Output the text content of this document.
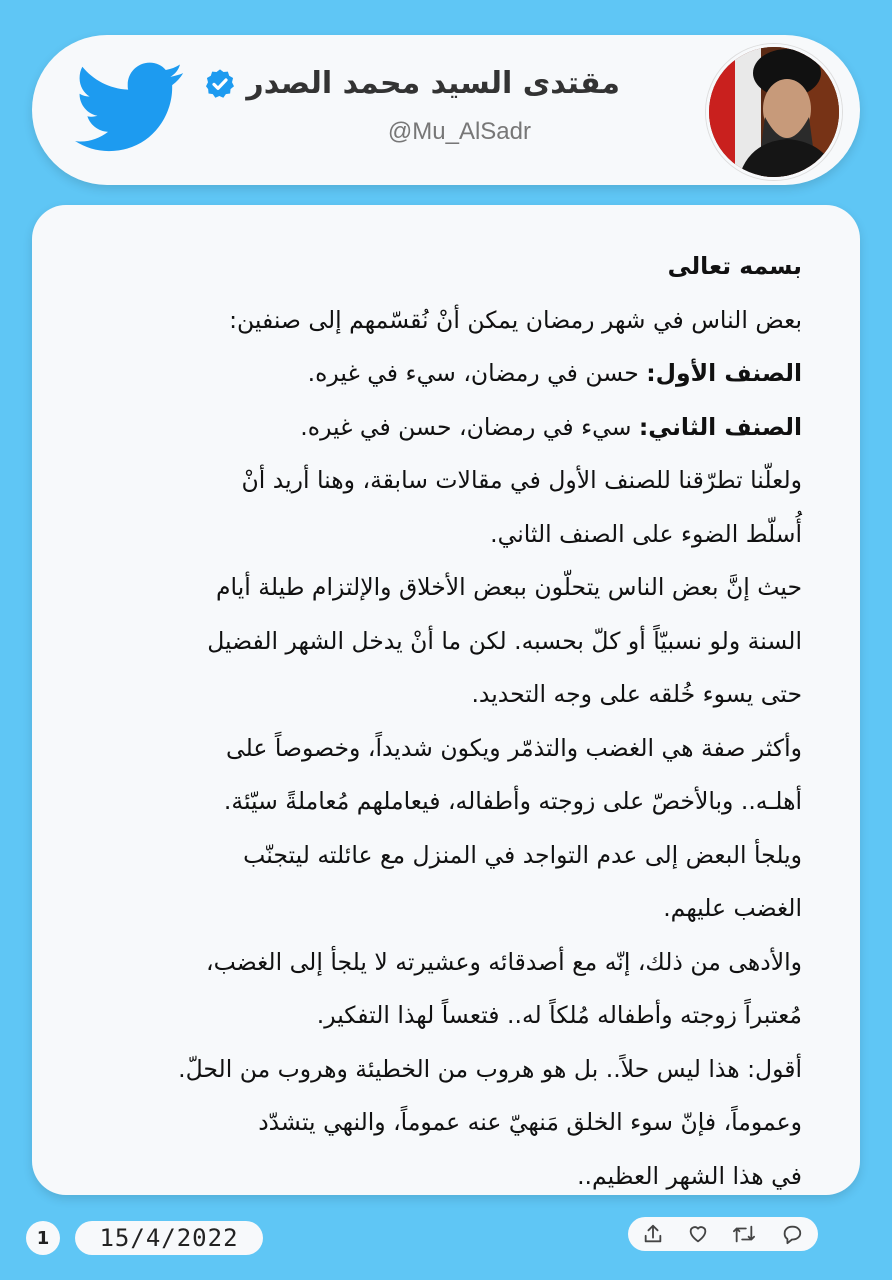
مقتدى السيد محمد الصدر
@Mu_AlSadr

بسمه تعالى

بعض الناس في شهر رمضان يمكن أنْ نُقسّمهم إلى صنفين:

الصنف الأول: حسن في رمضان، سيء في غيره.

الصنف الثاني: سيء في رمضان، حسن في غيره.

ولعلّنا تطرّقنا للصنف الأول في مقالات سابقة، وهنا أريد أنْ

أُسلّط الضوء على الصنف الثاني.

حيث إنَّ بعض الناس يتحلّون ببعض الأخلاق والإلتزام طيلة أيام

السنة ولو نسبيّاً أو كلّ بحسبه. لكن ما أنْ يدخل الشهر الفضيل

حتى يسوء خُلقه على وجه التحديد.

وأكثر صفة هي الغضب والتذمّر ويكون شديداً، وخصوصاً على

أهلـه.. وبالأخصّ على زوجته وأطفاله، فيعاملهم مُعاملةً سيّئة.

ويلجأ البعض إلى عدم التواجد في المنزل مع عائلته ليتجنّب

الغضب عليهم.

والأدهى من ذلك، إنّه مع أصدقائه وعشيرته لا يلجأ إلى الغضب،

مُعتبراً زوجته وأطفاله مُلكاً له.. فتعساً لهذا التفكير.

أقول: هذا ليس حلاً.. بل هو هروب من الخطيئة وهروب من الحلّ.

وعموماً، فإنّ سوء الخلق مَنهيّ عنه عموماً، والنهي يتشدّد

في هذا الشهر العظيم..

1	15/4/2022
